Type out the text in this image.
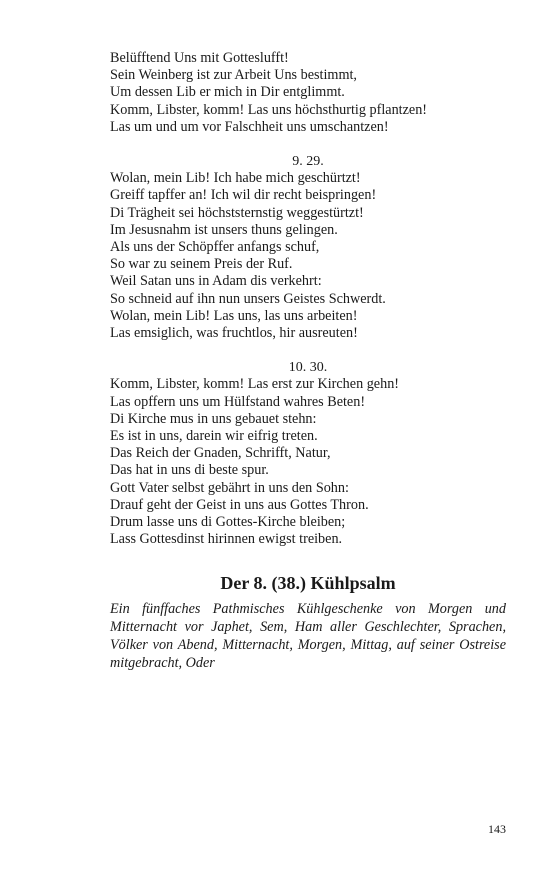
Belüfftend Uns mit Gotteslufft!
Sein Weinberg ist zur Arbeit Uns bestimmt,
Um dessen Lib er mich in Dir entglimmt.
Komm, Libster, komm! Las uns höchsthurtig pflantzen!
Las um und um vor Falschheit uns umschantzen!
9. 29.
Wolan, mein Lib! Ich habe mich geschürtzt!
Greiff tapffer an! Ich wil dir recht beispringen!
Di Trägheit sei höchststernstig weggestürtzt!
Im Jesusnahm ist unsers thuns gelingen.
Als uns der Schöpffer anfangs schuf,
So war zu seinem Preis der Ruf.
Weil Satan uns in Adam dis verkehrt:
So schneid auf ihn nun unsers Geistes Schwerdt.
Wolan, mein Lib! Las uns, las uns arbeiten!
Las emsiglich, was fruchtlos, hir ausreuten!
10. 30.
Komm, Libster, komm! Las erst zur Kirchen gehn!
Las opffern uns um Hülfstand wahres Beten!
Di Kirche mus in uns gebauet stehn:
Es ist in uns, darein wir eifrig treten.
Das Reich der Gnaden, Schrifft, Natur,
Das hat in uns di beste spur.
Gott Vater selbst gebährt in uns den Sohn:
Drauf geht der Geist in uns aus Gottes Thron.
Drum lasse uns di Gottes-Kirche bleiben;
Lass Gottesdinst hirinnen ewigst treiben.
Der 8. (38.) Kühlpsalm

Ein fünffaches Pathmisches Kühlgeschenke von Morgen und Mitternacht vor Japhet, Sem, Ham aller Geschlechter, Sprachen, Völker von Abend, Mitternacht, Morgen, Mittag, auf seiner Ostreise mitgebracht, Oder

143
